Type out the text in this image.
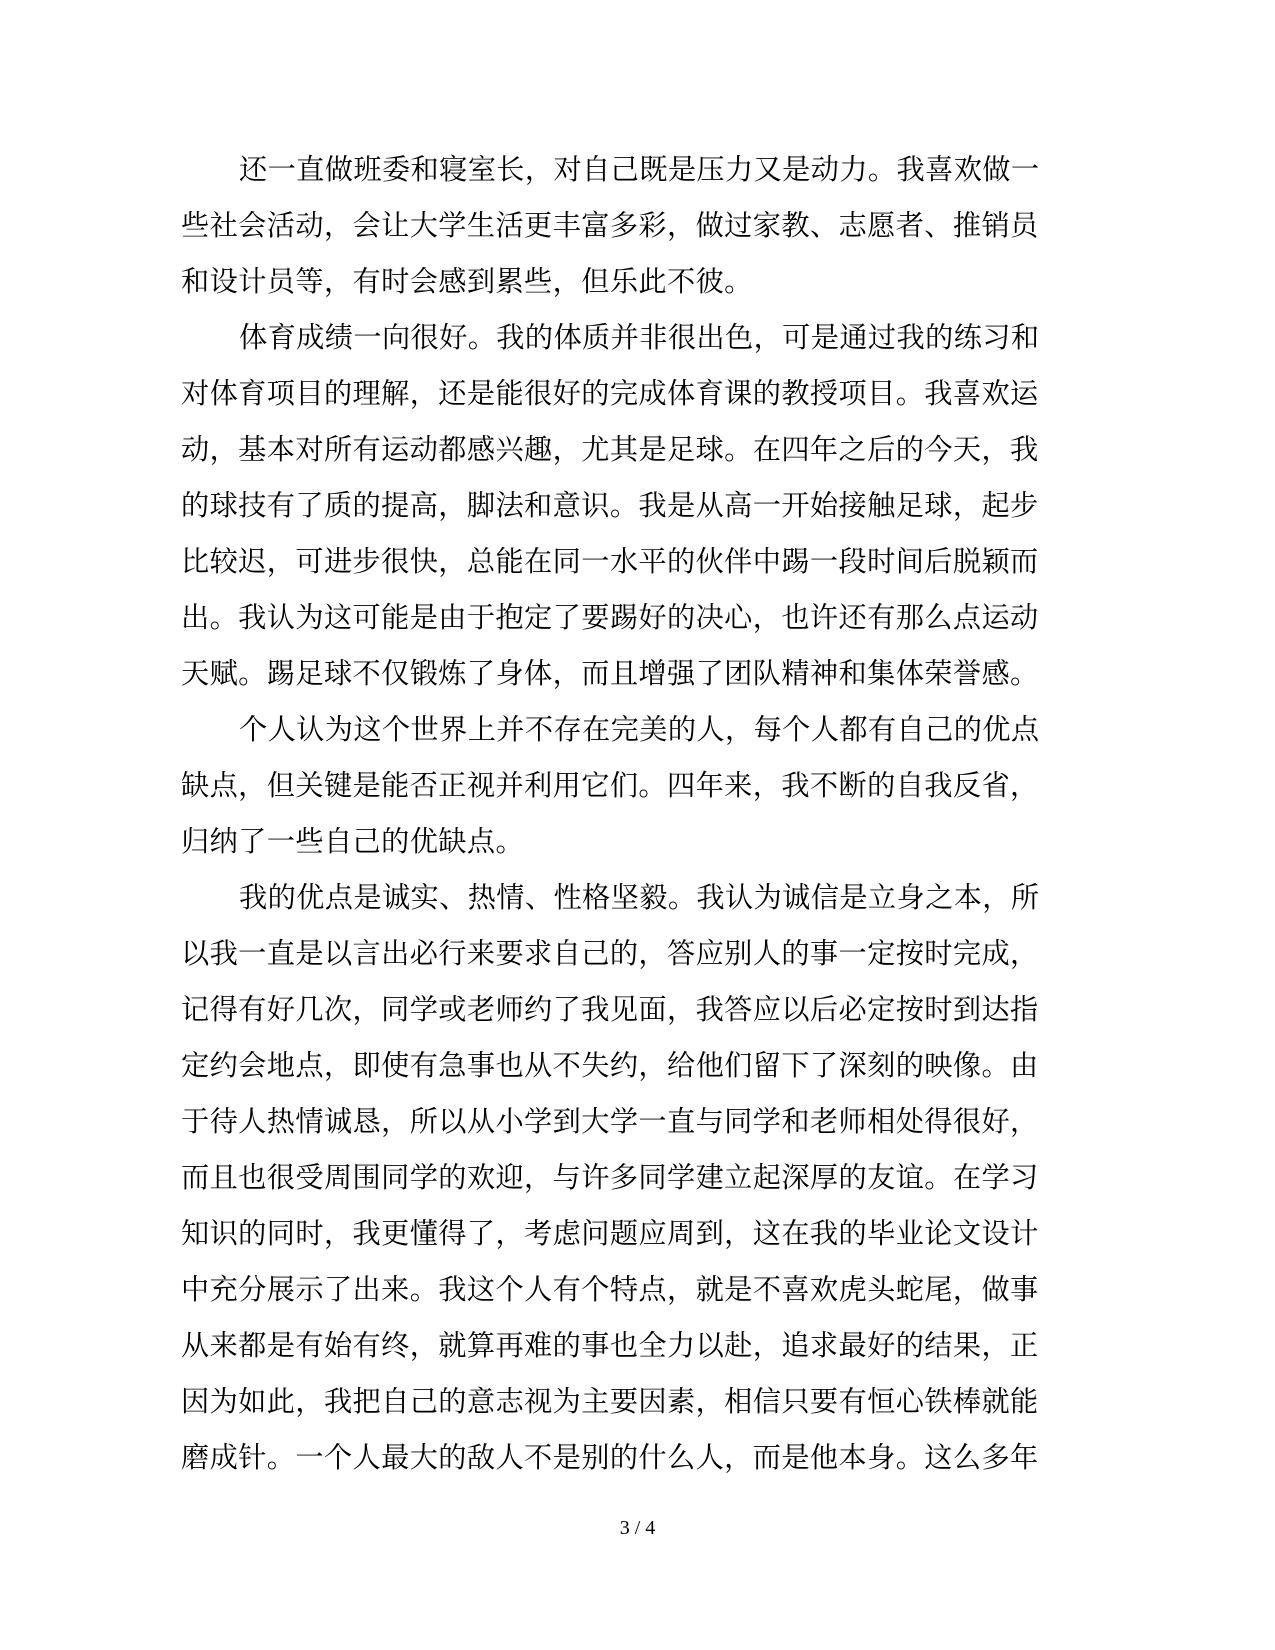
还一直做班委和寝室长，对自己既是压力又是动力。我喜欢做一
些社会活动，会让大学生活更丰富多彩，做过家教、志愿者、推销员
和设计员等，有时会感到累些，但乐此不彼。
体育成绩一向很好。我的体质并非很出色，可是通过我的练习和
对体育项目的理解，还是能很好的完成体育课的教授项目。我喜欢运
动，基本对所有运动都感兴趣，尤其是足球。在四年之后的今天，我
的球技有了质的提高，脚法和意识。我是从高一开始接触足球，起步
比较迟，可进步很快，总能在同一水平的伙伴中踢一段时间后脱颖而
出。我认为这可能是由于抱定了要踢好的决心，也许还有那么点运动
天赋。踢足球不仅锻炼了身体，而且增强了团队精神和集体荣誉感。
个人认为这个世界上并不存在完美的人，每个人都有自己的优点
缺点，但关键是能否正视并利用它们。四年来，我不断的自我反省，
归纳了一些自己的优缺点。
我的优点是诚实、热情、性格坚毅。我认为诚信是立身之本，所
以我一直是以言出必行来要求自己的，答应别人的事一定按时完成，
记得有好几次，同学或老师约了我见面，我答应以后必定按时到达指
定约会地点，即使有急事也从不失约，给他们留下了深刻的映像。由
于待人热情诚恳，所以从小学到大学一直与同学和老师相处得很好，
而且也很受周围同学的欢迎，与许多同学建立起深厚的友谊。在学习
知识的同时，我更懂得了，考虑问题应周到，这在我的毕业论文设计
中充分展示了出来。我这个人有个特点，就是不喜欢虎头蛇尾，做事
从来都是有始有终，就算再难的事也全力以赴，追求最好的结果，正
因为如此，我把自己的意志视为主要因素，相信只要有恒心铁棒就能
磨成针。一个人最大的敌人不是别的什么人，而是他本身。这么多年
3 / 4
